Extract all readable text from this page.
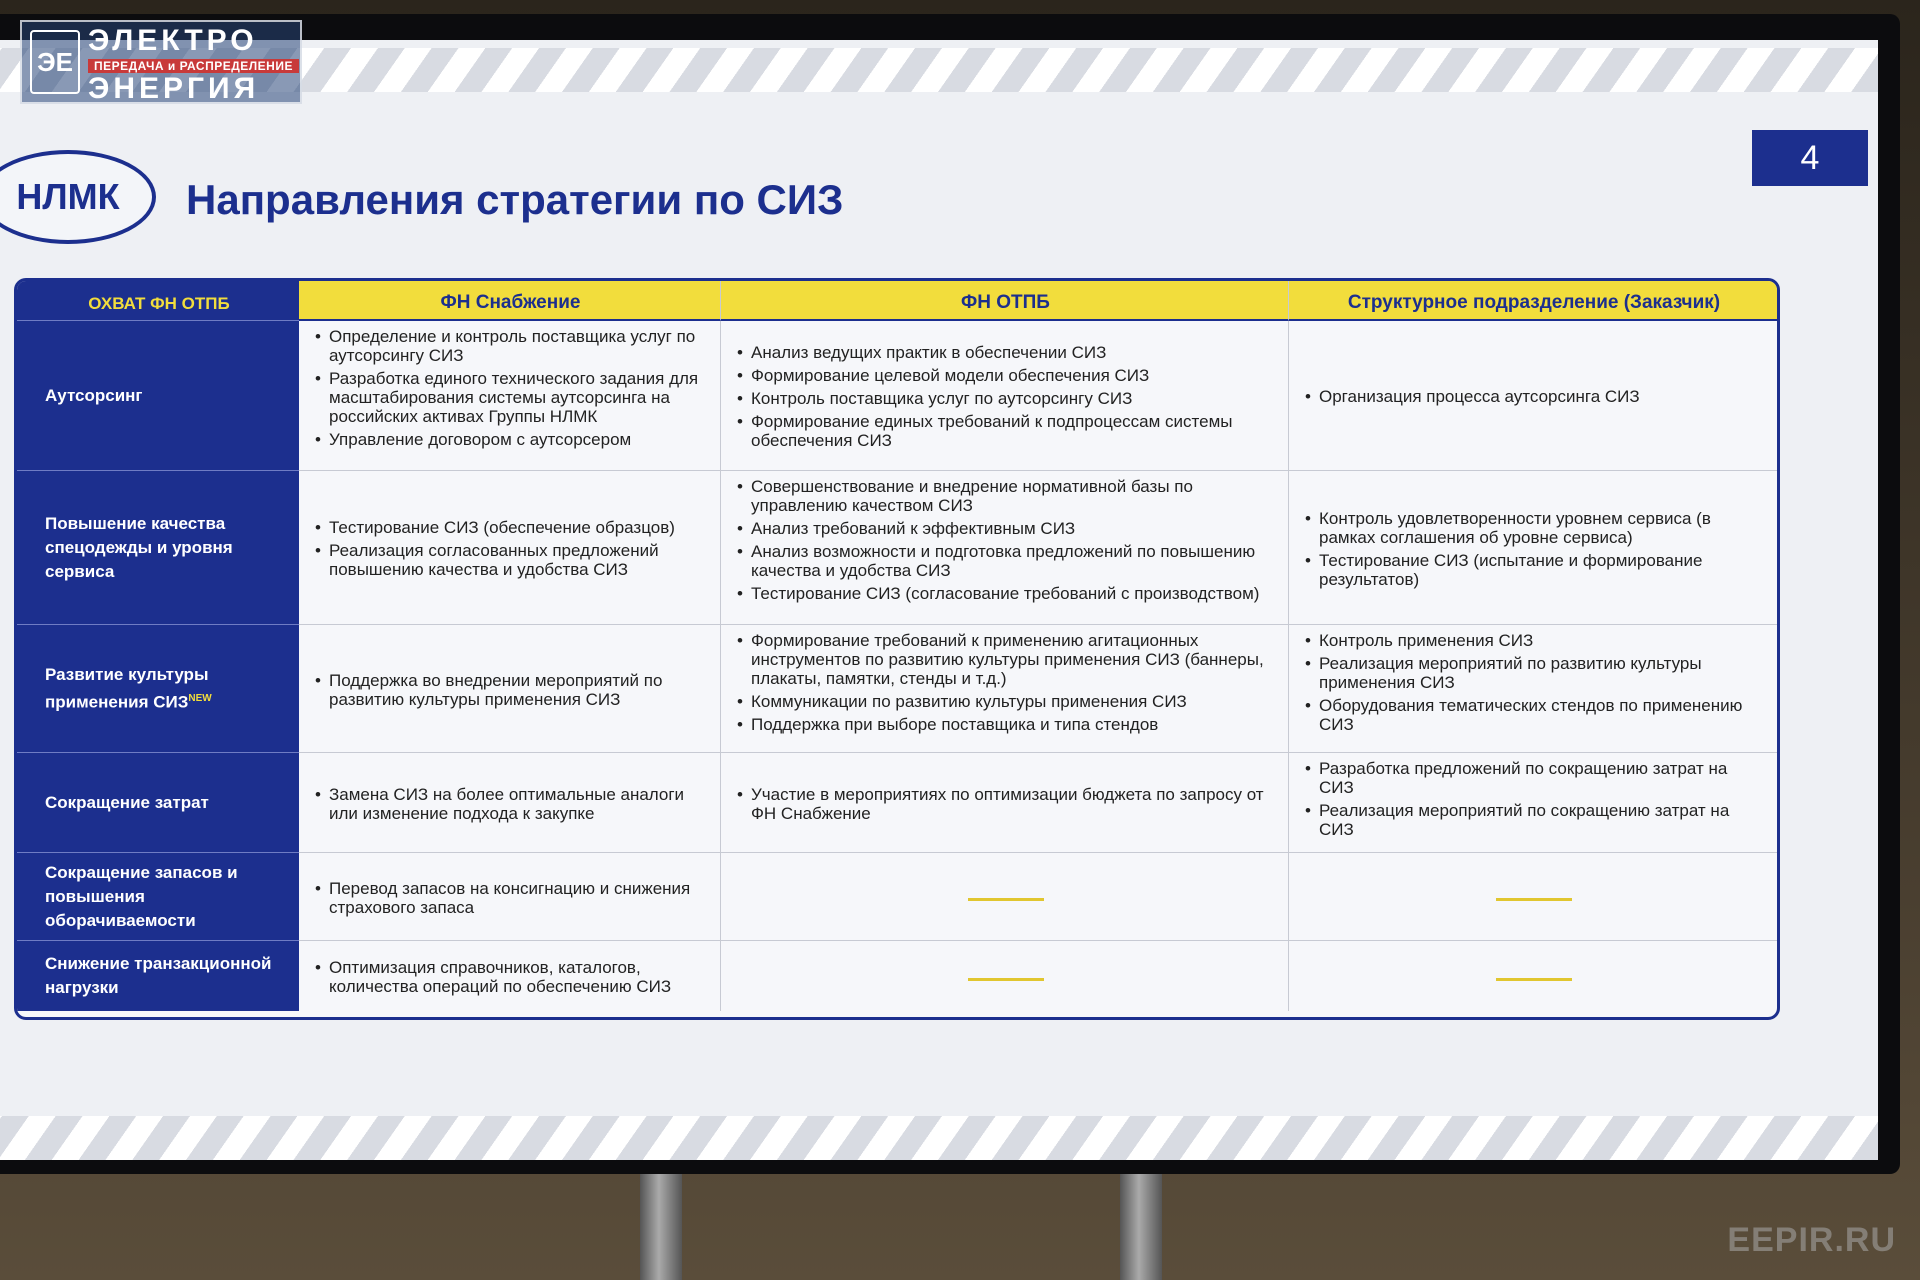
НЛМК	Направления стратегии по СИЗ
4
ОХВАТ ФН ОТПБ	ФН Снабжение	ФН ОТПБ	Структурное подразделение (Заказчик)
Аутсорсинг
• Определение и контроль поставщика услуг по аутсорсингу СИЗ
• Разработка единого технического задания для масштабирования системы аутсорсинга на российских активах Группы НЛМК
• Управление договором с аутсорсером
• Анализ ведущих практик в обеспечении СИЗ
• Формирование целевой модели обеспечения СИЗ
• Контроль поставщика услуг по аутсорсингу СИЗ
• Формирование единых требований к подпроцессам системы обеспечения СИЗ
• Организация процесса аутсорсинга СИЗ
Повышение качества спецодежды и уровня сервиса
• Тестирование СИЗ (обеспечение образцов)
• Реализация согласованных предложений повышению качества и удобства СИЗ
• Совершенствование и внедрение нормативной базы по управлению качеством СИЗ
• Анализ требований к эффективным СИЗ
• Анализ возможности и подготовка предложений по повышению качества и удобства СИЗ
• Тестирование СИЗ (согласование требований с производством)
• Контроль удовлетворенности уровнем сервиса (в рамках соглашения об уровне сервиса)
• Тестирование СИЗ (испытание и формирование результатов)
Развитие культуры применения $СИЗ^{NEW}$
• Поддержка во внедрении мероприятий по развитию культуры применения СИЗ
• Формирование требований к применению агитационных инструментов по развитию культуры применения СИЗ (баннеры, плакаты, памятки, стенды и т.д.)
• Коммуникации по развитию культуры применения СИЗ
• Поддержка при выборе поставщика и типа стендов
• Контроль применения СИЗ
• Реализация мероприятий по развитию культуры применения СИЗ
• Оборудования тематических стендов по применению СИЗ
Сокращение затрат
•	Замена СИЗ на более оптимальные аналоги или изменение подхода к закупке
• Участие в мероприятиях по оптимизации бюджета по запросу от ФН Снабжение
• Разработка предложений по сокращению затрат на СИЗ
• Реализация мероприятий по сокращению затрат на СИЗ
Сокращение запасов и повышения оборачиваемости
• Перевод запасов на консигнацию и снижения страхового запаса
Снижение транзакционной нагрузки
• Оптимизация справочников, каталогов, количества операций по обеспечению СИЗ
ЭЕ
ЭЛЕКТРО
ПЕРЕДАЧА и РАСПРЕДЕЛЕНИЕ
ЭНЕРГИЯ
EEPIR.RU
